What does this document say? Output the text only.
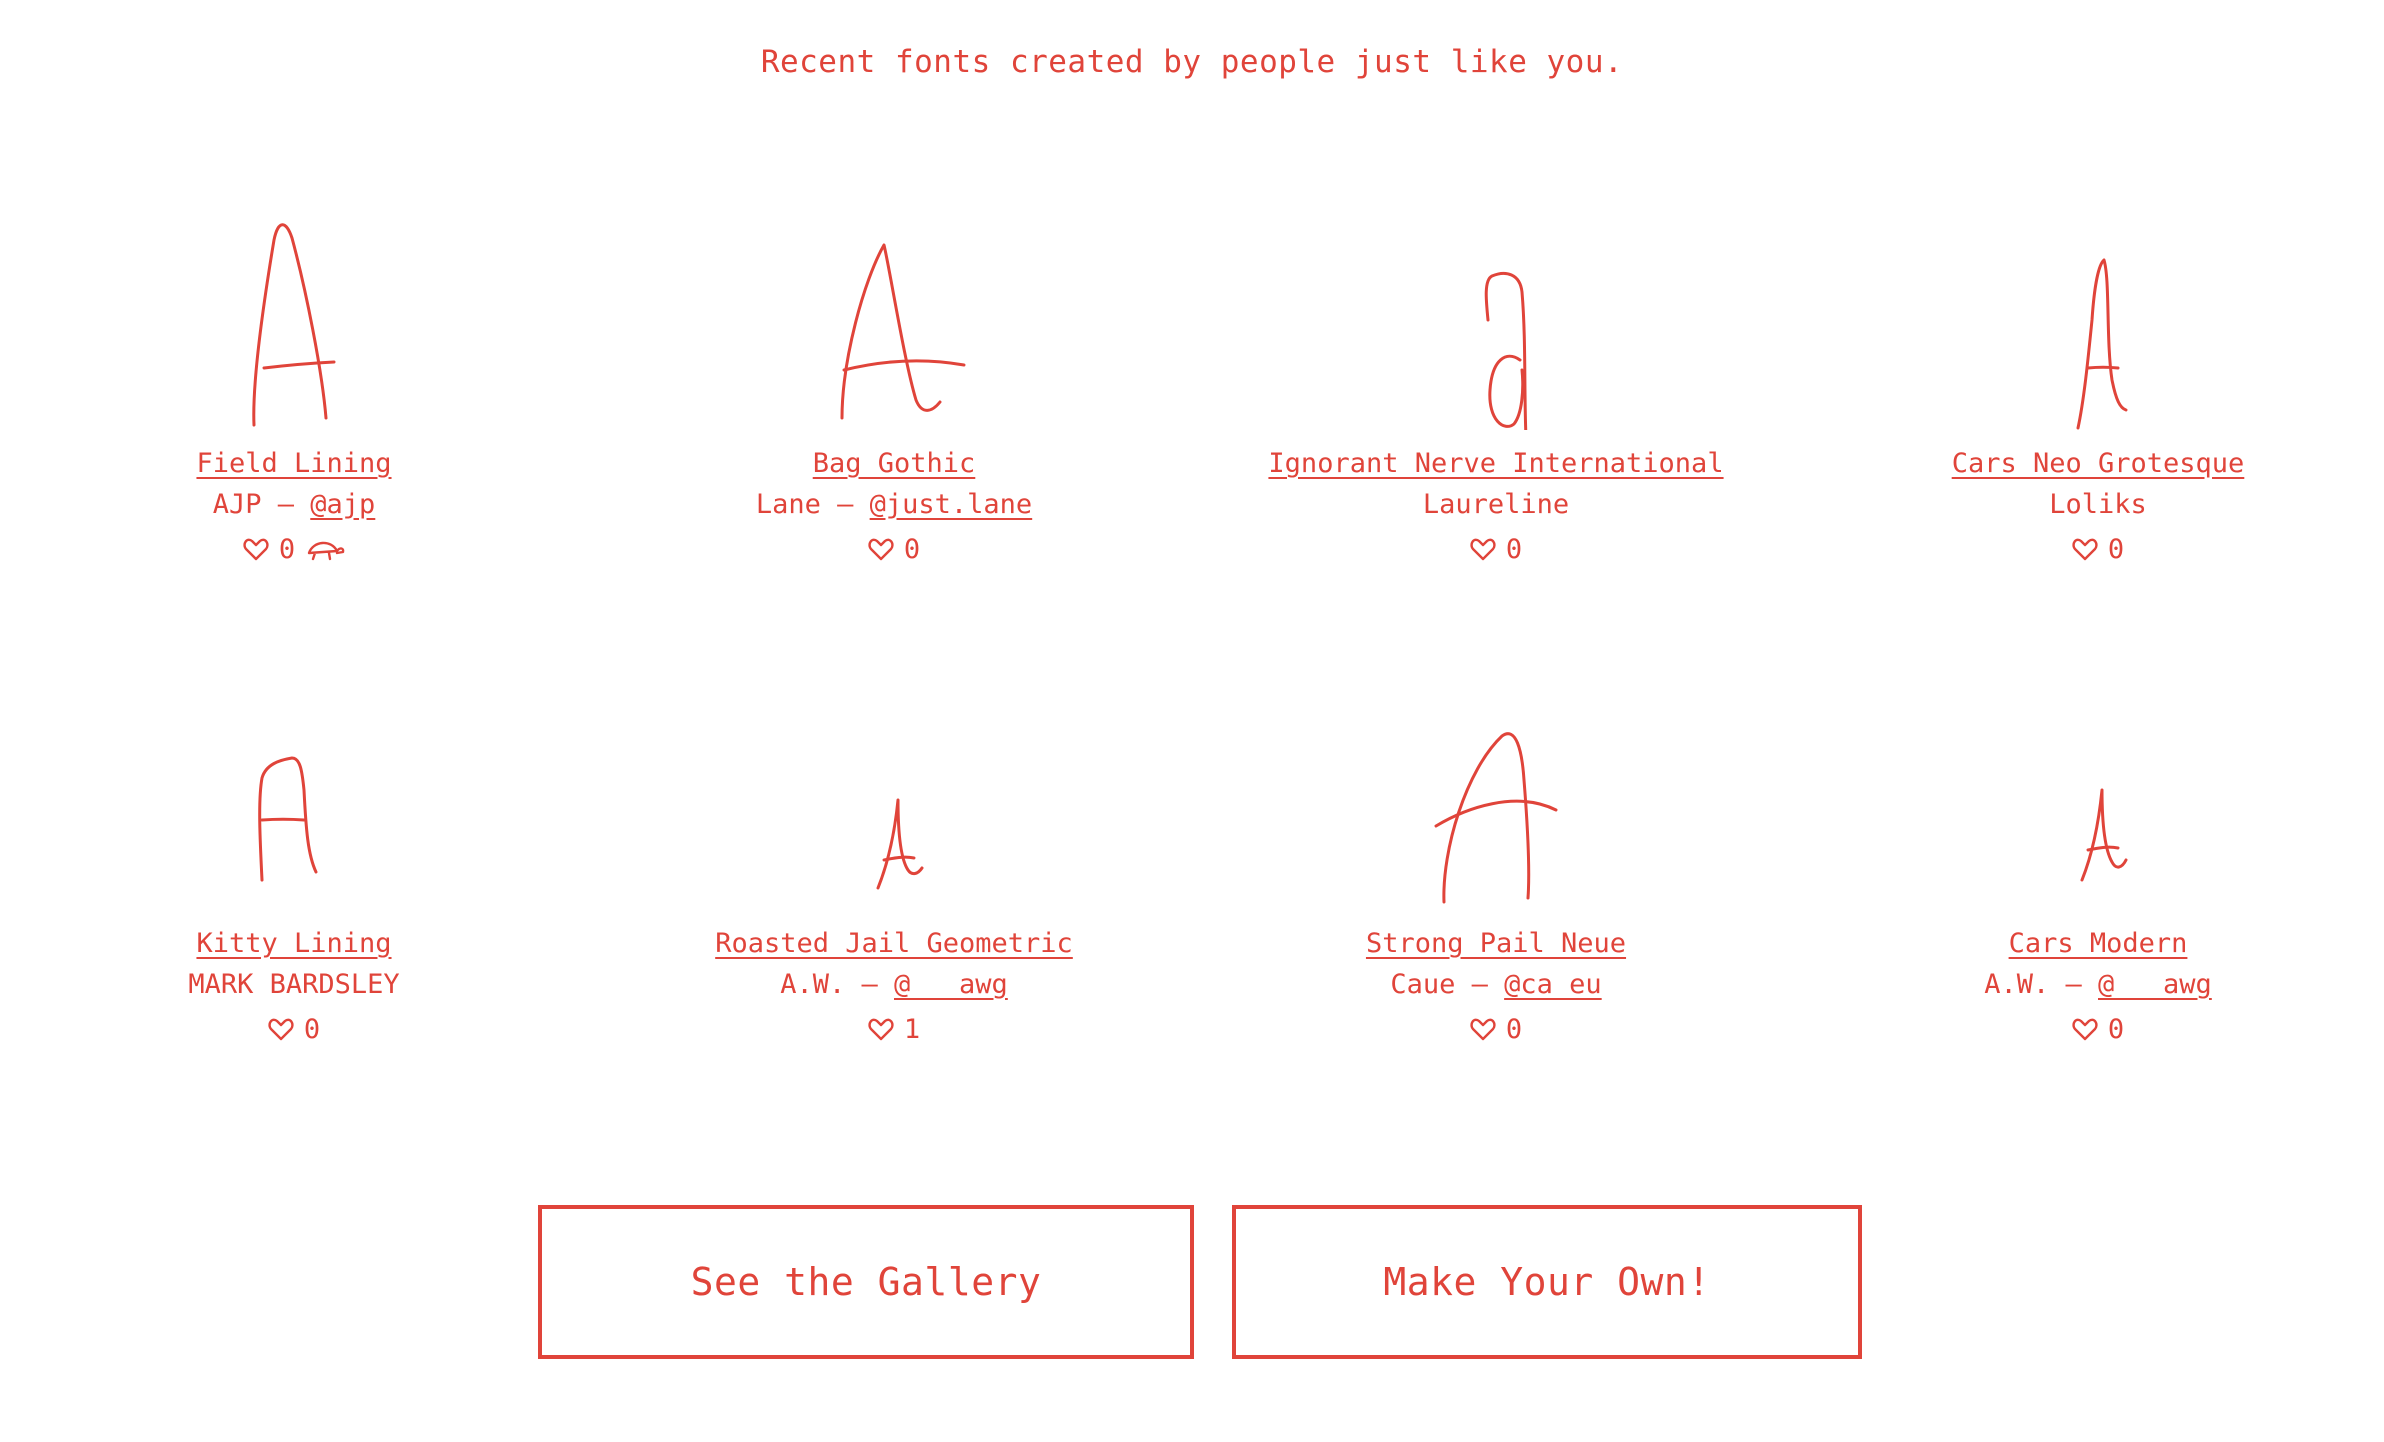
Recent fonts created by people just like you.
Field Lining
AJP – @ajp
0
Bag Gothic
Lane – @just.lane
0
Ignorant Nerve International
Laureline
0
Cars Neo Grotesque
Loliks
0
Kitty Lining
MARK BARDSLEY
0
Roasted Jail Geometric
A.W. – @___awg
1
Strong Pail Neue
Caue – @ca_eu
0
Cars Modern
A.W. – @___awg
0
See the Gallery	Make Your Own!
